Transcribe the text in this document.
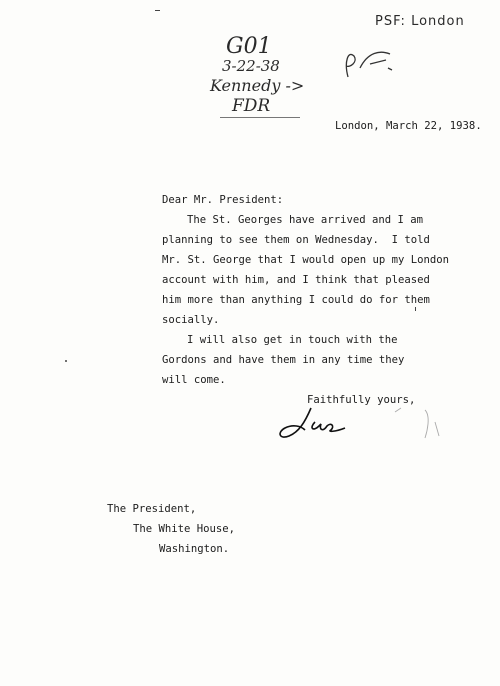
PSF: London
G01
3-22-38
Kennedy ->
FDR
London, March 22, 1938.
Dear Mr. President:
The St. Georges have arrived and I am
planning to see them on Wednesday.  I told
Mr. St. George that I would open up my London
account with him, and I think that pleased
him more than anything I could do for them
socially.
I will also get in touch with the
Gordons and have them in any time they
will come.
Faithfully yours,
The President,
The White House,
Washington.
